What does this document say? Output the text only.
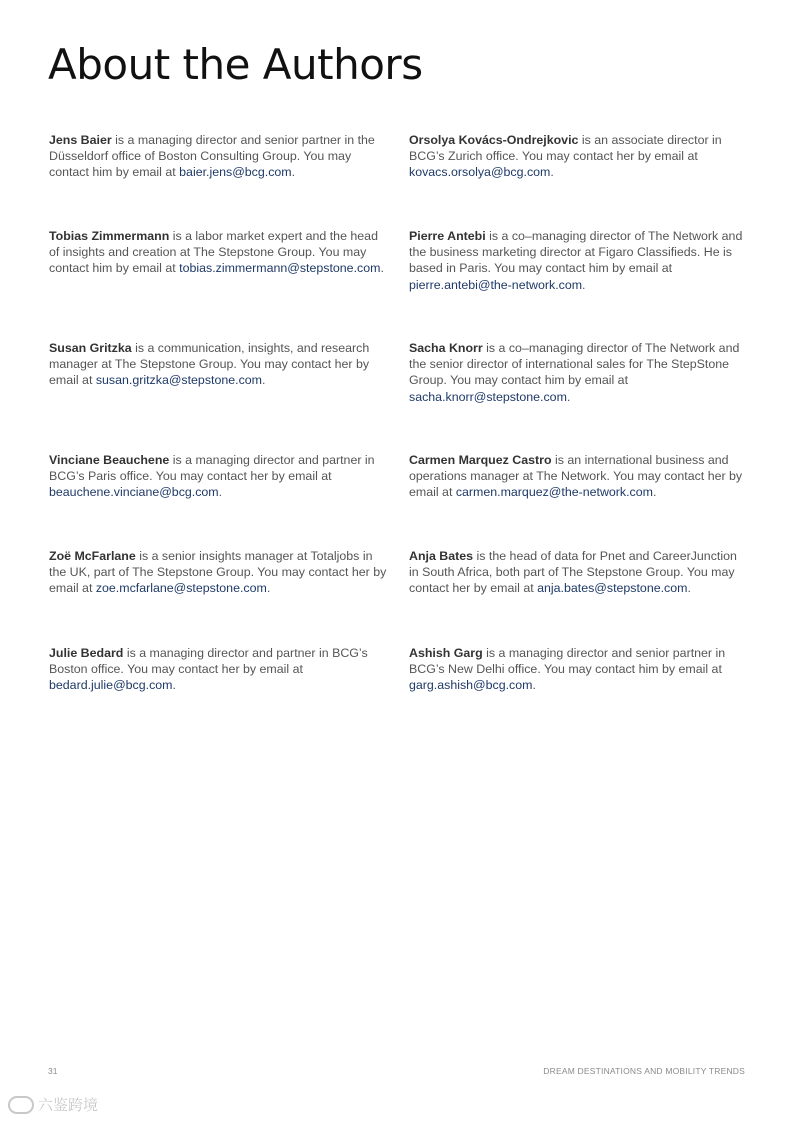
About the Authors
Jens Baier is a managing director and senior partner in the Düsseldorf office of Boston Consulting Group. You may contact him by email at baier.jens@bcg.com.
Tobias Zimmermann is a labor market expert and the head of insights and creation at The Stepstone Group. You may contact him by email at tobias.zimmermann@stepstone.com.
Susan Gritzka is a communication, insights, and research manager at The Stepstone Group. You may contact her by email at susan.gritzka@stepstone.com.
Vinciane Beauchene is a managing director and partner in BCG’s Paris office. You may contact her by email at beauchene.vinciane@bcg.com.
Zoë McFarlane is a senior insights manager at Totaljobs in the UK, part of The Stepstone Group. You may contact her by email at zoe.mcfarlane@stepstone.com.
Julie Bedard is a managing director and partner in BCG’s Boston office. You may contact her by email at bedard.julie@bcg.com.
Orsolya Kovács-Ondrejkovic is an associate director in BCG’s Zurich office. You may contact her by email at kovacs.orsolya@bcg.com.
Pierre Antebi is a co–managing director of The Network and the business marketing director at Figaro Classifieds. He is based in Paris. You may contact him by email at pierre.antebi@the-network.com.
Sacha Knorr is a co–managing director of The Network and the senior director of international sales for The StepStone Group. You may contact him by email at sacha.knorr@stepstone.com.
Carmen Marquez Castro is an international business and operations manager at The Network. You may contact her by email at carmen.marquez@the-network.com.
Anja Bates is the head of data for Pnet and CareerJunction in South Africa, both part of The Stepstone Group. You may contact her by email at anja.bates@stepstone.com.
Ashish Garg is a managing director and senior partner in BCG’s New Delhi office. You may contact him by email at garg.ashish@bcg.com.
31	DREAM DESTINATIONS AND MOBILITY TRENDS
六鉴跨境
